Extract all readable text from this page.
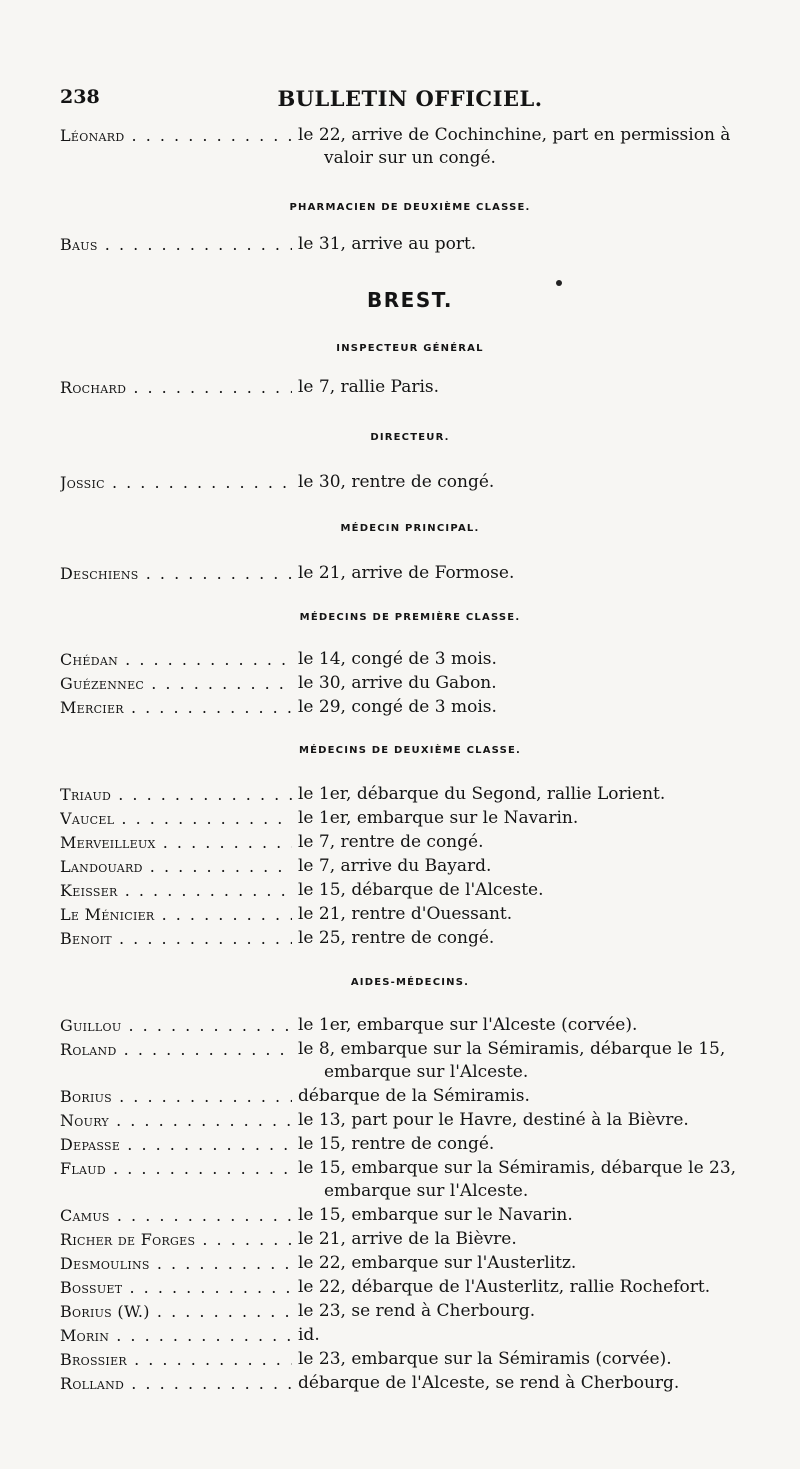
238	BULLETIN OFFICIEL.
Léonard . . .	le 22, arrive de Cochinchine, part en permission à
valoir sur un congé.
PHARMACIEN DE DEUXIÈME CLASSE.
Baus . . .	le 31, arrive au port.
BREST.
INSPECTEUR GÉNÉRAL
Rochard . . .	le 7, rallie Paris.
DIRECTEUR.
Jossic . . .	le 30, rentre de congé.
MÉDECIN PRINCIPAL.
Deschiens . . .	le 21, arrive de Formose.
MÉDECINS DE PREMIÈRE CLASSE.
Chédan . . .	le 14, congé de 3 mois.
Guézennec . . .	le 30, arrive du Gabon.
Mercier . . .	le 29, congé de 3 mois.
MÉDECINS DE DEUXIÈME CLASSE.
Triaud . . .	le 1er, débarque du Segond, rallie Lorient.
Vaucel . . .	le 1er, embarque sur le Navarin.
Merveilleux . . .	le 7, rentre de congé.
Landouard . . .	le 7, arrive du Bayard.
Keisser . . .	le 15, débarque de l'Alceste.
Le Ménicier . . .	le 21, rentre d'Ouessant.
Benoit . . .	le 25, rentre de congé.
AIDES-MÉDECINS.
Guillou . . .	le 1er, embarque sur l'Alceste (corvée).
Roland . . .	le 8, embarque sur la Sémiramis, débarque le 15,
embarque sur l'Alceste.
Borius . . .	débarque de la Sémiramis.
Noury . . .	le 13, part pour le Havre, destiné à la Bièvre.
Depasse . . .	le 15, rentre de congé.
Flaud . . .	le 15, embarque sur la Sémiramis, débarque le 23,
embarque sur l'Alceste.
Camus . . .	le 15, embarque sur le Navarin.
Richer de Forges . . .	le 21, arrive de la Bièvre.
Desmoulins . . .	le 22, embarque sur l'Austerlitz.
Bossuet . . .	le 22, débarque de l'Austerlitz, rallie Rochefort.
Borius (W.) . . .	le 23, se rend à Cherbourg.
Morin . . .	id.
Brossier . . .	le 23, embarque sur la Sémiramis (corvée).
Rolland . . .	débarque de l'Alceste, se rend à Cherbourg.
